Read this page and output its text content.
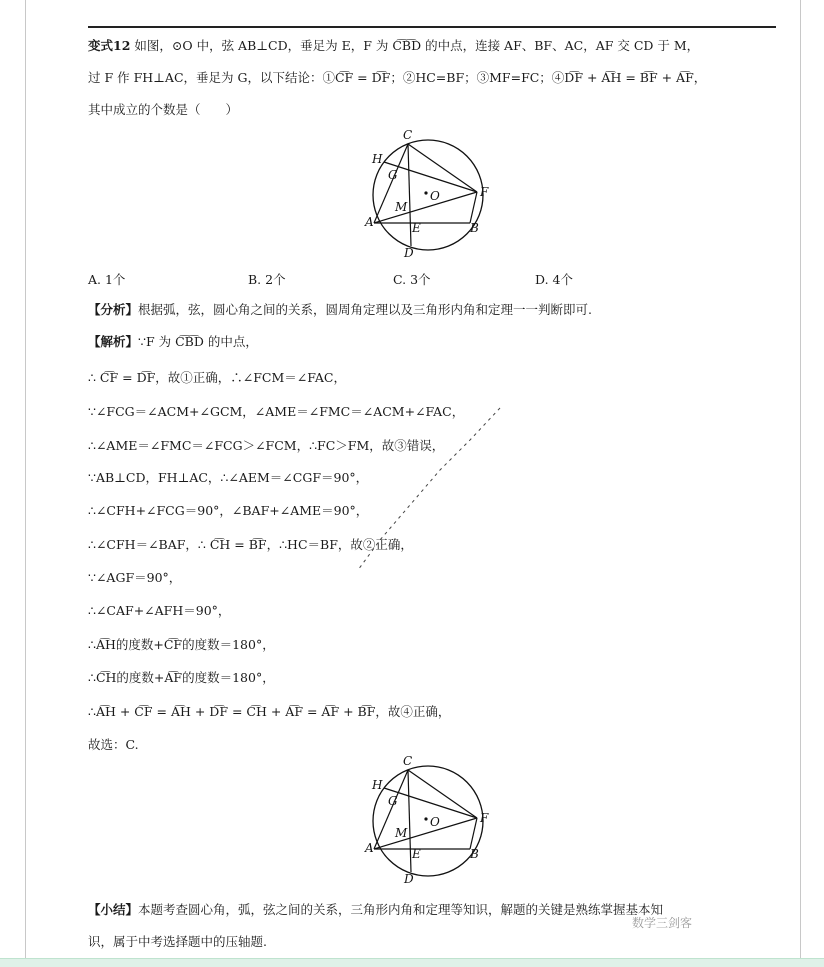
变式12 如图，⊙O 中，弦 AB⊥CD，垂足为 E，F 为 C͡B͡D 的中点，连接 AF、BF、AC，AF 交 CD 于 M，
过 F 作 FH⊥AC，垂足为 G，以下结论：①C͡F = D͡F；②HC=BF；③MF=FC；④D͡F + A͡H = B͡F + A͡F，
其中成立的个数是（　　）
C
H
G
O	F
M
A	E	B
D
A. 1个	B. 2个	C. 3个	D. 4个
【分析】根据弧，弦，圆心角之间的关系，圆周角定理以及三角形内角和定理一一判断即可.
【解析】∵F 为 C͡B͡D 的中点，
∴ C͡F = D͡F，故①正确，∴∠FCM＝∠FAC，
∵∠FCG＝∠ACM+∠GCM，∠AME＝∠FMC＝∠ACM+∠FAC，
∴∠AME＝∠FMC＝∠FCG＞∠FCM，∴FC＞FM，故③错误，
∵AB⊥CD，FH⊥AC，∴∠AEM＝∠CGF＝90°，
∴∠CFH+∠FCG＝90°，∠BAF+∠AME＝90°，
∴∠CFH＝∠BAF，∴ C͡H = B͡F，∴HC＝BF，故②正确，
∵∠AGF＝90°，
∴∠CAF+∠AFH＝90°，
∴A͡H的度数+C͡F的度数＝180°，
∴C͡H的度数+A͡F的度数＝180°，
∴A͡H + C͡F = A͡H + D͡F = C͡H + A͡F = A͡F + B͡F，故④正确，
故选：C.
C
H
G
O	F
M
A	E	B
D
【小结】本题考查圆心角，弧，弦之间的关系，三角形内角和定理等知识，解题的关键是熟练掌握基本知
识，属于中考选择题中的压轴题.
数学三剑客
